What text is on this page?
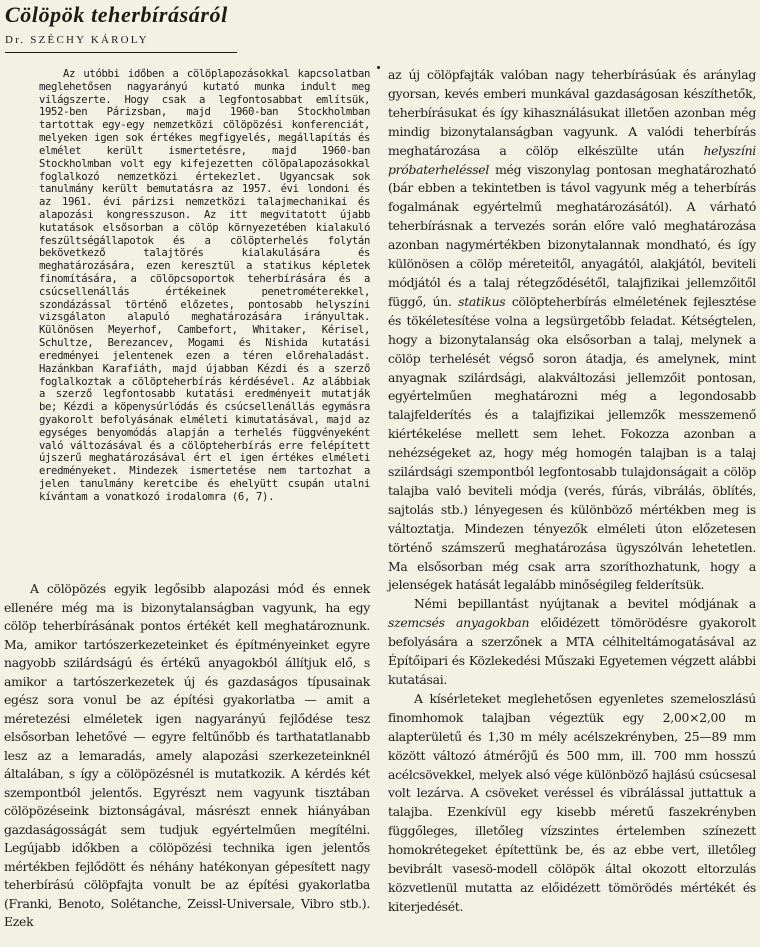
Cölöpök teherbírásáról
Dr. SZÉCHY KÁROLY

Az utóbbi időben a cölöplapozásokkal kapcsolatban meglehetősen nagyarányú kutató munka indult meg világszerte. Hogy csak a legfontosabbat említsük, 1952-ben Párizsban, majd 1960-ban Stockholmban tartottak egy-egy nemzetközi cölöpözési konferenciát, melyeken igen sok értékes megfigyelés, megállapítás és elmélet került ismertetésre, majd 1960-ban Stockholmban volt egy kifejezetten cölöpalapozásokkal foglalkozó nemzetközi értekezlet. Ugyancsak sok tanulmány került bemutatásra az 1957. évi londoni és az 1961. évi párizsi nemzetközi talajmechanikai és alapozási kongresszuson. Az itt megvitatott újabb kutatások elsősorban a cölöp környezetében kialakuló feszültségállapotok és a cölöpterhelés folytán bekövetkező talajtörés kialakulására és meghatározására, ezen keresztül a statikus képletek finomítására, a cölöpcsoportok teherbírására és a csúcsellenállás értékeinek penetrométerekkel, szondázással történő előzetes, pontosabb helyszíni vizsgálaton alapuló meghatározására irányultak. Különösen Meyerhof, Cambefort, Whitaker, Kérisel, Schultze, Berezancev, Mogami és Nishida kutatási eredményei jelentenek ezen a téren előrehaladást. Hazánkban Karafiáth, majd újabban Kézdi és a szerző foglalkoztak a cölöpteherbírás kérdésével. Az alábbiak a szerző legfontosabb kutatási eredményeit mutatják be; Kézdi a köpenysúrlódás és csúcsellenállás egymásra gyakorolt befolyásának elméleti kimutatásával, majd az egységes benyomódás alapján a terhelés függvényeként való változásával és a cölöpteherbírás erre felépített újszerű meghatározásával ért el igen értékes elméleti eredményeket. Mindezek ismertetése nem tartozhat a jelen tanulmány keretcibe és ehelyütt csupán utalni kívántam a vonatkozó irodalomra (6, 7).

A cölöpözés egyik legősibb alapozási mód és ennek ellenére még ma is bizonytalanságban vagyunk, ha egy cölöp teherbírásának pontos értékét kell meghatároznunk. Ma, amikor tartószerkezeteinket és építményeinket egyre nagyobb szilárdságú és értékű anyagokból állítjuk elő, s amikor a tartószerkezetek új és gazdaságos típusainak egész sora vonul be az építési gyakorlatba — amit a méretezési elméletek igen nagyarányú fejlődése tesz elsősorban lehetővé — egyre feltűnőbb és tarthatatlanabb lesz az a lemaradás, amely alapozási szerkezeteinknél általában, s így a cölöpözésnél is mutatkozik. A kérdés két szempontból jelentős. Egyrészt nem vagyunk tisztában cölöpözéseink biztonságával, másrészt ennek hiányában gazdaságosságát sem tudjuk egyértelműen megítélni. Legújabb időkben a cölöpözési technika igen jelentős mértékben fejlődött és néhány hatékonyan gépesített nagy teherbírású cölöpfajta vonult be az építési gyakorlatba (Franki, Benoto, Solétanche, Zeissl-Universale, Vibro stb.). Ezek

az új cölöpfajták valóban nagy teherbírásúak és aránylag gyorsan, kevés emberi munkával gazdaságosan készíthetők, teherbírásukat és így kihasználásukat illetően azonban még mindig bizonytalanságban vagyunk. A valódi teherbírás meghatározása a cölöp elkészülte után helyszíni próbaterheléssel még viszonylag pontosan meghatározható (bár ebben a tekintetben is távol vagyunk még a teherbírás fogalmának egyértelmű meghatározásától). A várható teherbírásnak a tervezés során előre való meghatározása azonban nagymértékben bizonytalannak mondható, és így különösen a cölöp méreteitől, anyagától, alakjától, beviteli módjától és a talaj rétegződésétől, talajfizikai jellemzőitől függő, ún. statikus cölöpteherbírás elméletének fejlesztése és tökéletesítése volna a legsürgetőbb feladat. Kétségtelen, hogy a bizonytalanság oka elsősorban a talaj, melynek a cölöp terhelését végső soron átadja, és amelynek, mint anyagnak szilárdsági, alakváltozási jellemzőit pontosan, egyértelműen meghatározni még a legondosabb talajfelderítés és a talajfizikai jellemzők messzemenő kiértékelése mellett sem lehet. Fokozza azonban a nehézségeket az, hogy még homogén talajban is a talaj szilárdsági szempontból legfontosabb tulajdonságait a cölöp talajba való beviteli módja (verés, fúrás, vibrálás, öblítés, sajtolás stb.) lényegesen és különböző mértékben meg is változtatja. Mindezen tényezők elméleti úton előzetesen történő számszerű meghatározása ügyszólván lehetetlen. Ma elsősorban még csak arra szoríthozhatunk, hogy a jelenségek hatását legalább minőségileg felderítsük.

Némi bepillantást nyújtanak a bevitel módjának a szemcsés anyagokban előidézett tömörödésre gyakorolt befolyására a szerzőnek a MTA célhiteltámogatásával az Építőipari és Közlekedési Műszaki Egyetemen végzett alábbi kutatásai.

A kísérleteket meglehetősen egyenletes szemeloszlású finomhomok talajban végeztük egy 2,00×2,00 m alapterületű és 1,30 m mély acélszekrényben, 25—89 mm között változó átmérőjű és 500 mm, ill. 700 mm hosszú acélcsövekkel, melyek alsó vége különböző hajlású csúcsesal volt lezárva. A csöveket veréssel és vibrálással juttattuk a talajba. Ezenkívül egy kisebb méretű faszekrényben függőleges, illetőleg vízszintes értelemben színezett homokrétegeket építettünk be, és az ebbe vert, illetőleg bevibrált vasesö-modell cölöpök által okozott eltorzulás közvetlenül mutatta az előidézett tömörödés mértékét és kiterjedését.
